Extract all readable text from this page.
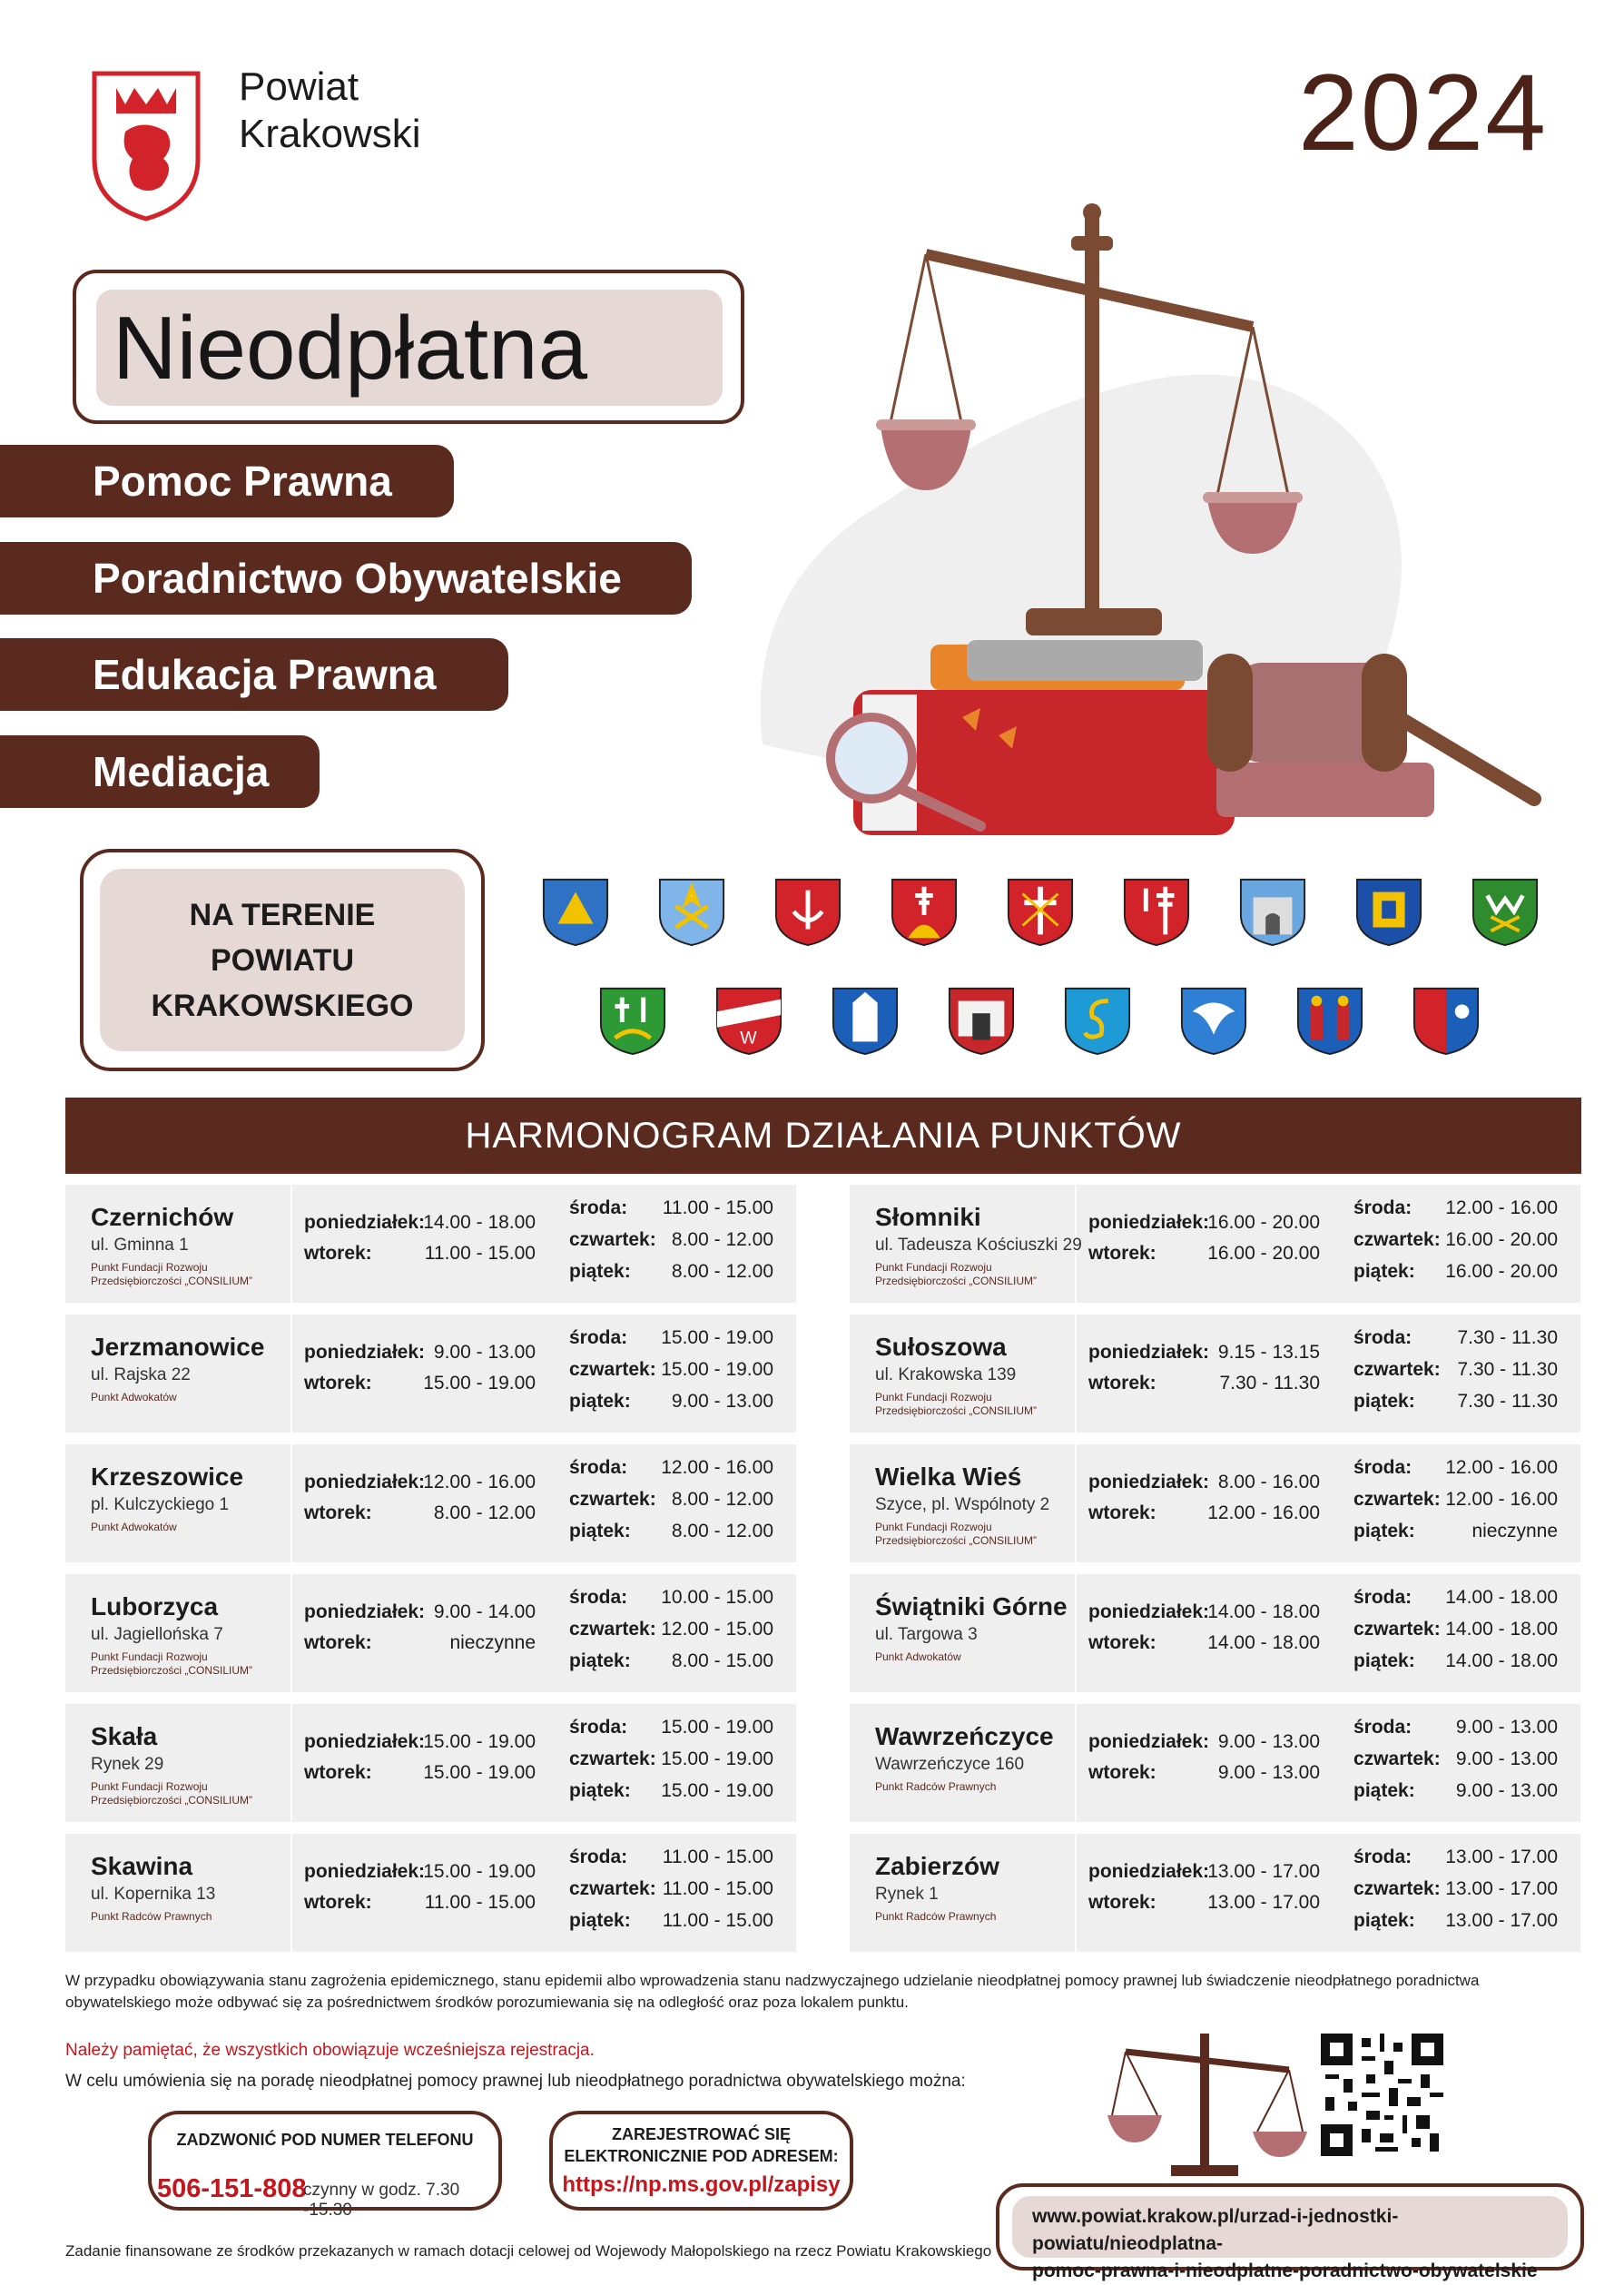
Powiat
Krakowski	2024
Nieodpłatna
Pomoc Prawna
Poradnictwo Obywatelskie
Edukacja Prawna
Mediacja
NA TERENIE
POWIATU
KRAKOWSKIEGO
W
HARMONOGRAM DZIAŁANIA PUNKTÓW
Czernichów
ul. Gminna 1
Punkt Fundacji Rozwoju Przedsiębiorczości „CONSILIUM”
poniedziałek:
14.00 - 18.00
wtorek:	11.00 - 15.00
środa:	11.00 - 15.00
czwartek: 8.00 - 12.00
piątek:	8.00 - 12.00
Jerzmanowice
ul. Rajska 22
Punkt Adwokatów
poniedziałek: 9.00 - 13.00
wtorek:	15.00 - 19.00
środa:	15.00 - 19.00
czwartek: 15.00 - 19.00
piątek:	9.00 - 13.00
Krzeszowice
pl. Kulczyckiego 1
Punkt Adwokatów
poniedziałek:
12.00 - 16.00
wtorek:	8.00 - 12.00
środa:	12.00 - 16.00
czwartek: 8.00 - 12.00
piątek:	8.00 - 12.00
Luborzyca
ul. Jagiellońska 7
Punkt Fundacji Rozwoju Przedsiębiorczości „CONSILIUM”
poniedziałek: 9.00 - 14.00
wtorek:	nieczynne
środa:	10.00 - 15.00
czwartek: 12.00 - 15.00
piątek:	8.00 - 15.00
Skała
Rynek 29
Punkt Fundacji Rozwoju Przedsiębiorczości „CONSILIUM”
poniedziałek:
15.00 - 19.00
wtorek:	15.00 - 19.00
środa:	15.00 - 19.00
czwartek: 15.00 - 19.00
piątek:	15.00 - 19.00
Skawina
ul. Kopernika 13
Punkt Radców Prawnych
poniedziałek:
15.00 - 19.00
wtorek:	11.00 - 15.00
środa:	11.00 - 15.00
czwartek: 11.00 - 15.00
piątek:	11.00 - 15.00
Słomniki
ul. Tadeusza Kościuszki 29
Punkt Fundacji Rozwoju Przedsiębiorczości „CONSILIUM”
poniedziałek:
16.00 - 20.00
wtorek:	16.00 - 20.00
środa:	12.00 - 16.00
czwartek: 16.00 - 20.00
piątek:	16.00 - 20.00
Sułoszowa
ul. Krakowska 139
Punkt Fundacji Rozwoju Przedsiębiorczości „CONSILIUM”
poniedziałek: 9.15 - 13.15
wtorek:	7.30 - 11.30
środa:	7.30 - 11.30
czwartek: 7.30 - 11.30
piątek:	7.30 - 11.30
Wielka Wieś
Szyce, pl. Wspólnoty 2
Punkt Fundacji Rozwoju Przedsiębiorczości „CONSILIUM”
poniedziałek: 8.00 - 16.00
wtorek:	12.00 - 16.00
środa:	12.00 - 16.00
czwartek: 12.00 - 16.00
piątek:	nieczynne
Świątniki Górne
ul. Targowa 3
Punkt Adwokatów
poniedziałek:
14.00 - 18.00
wtorek:	14.00 - 18.00
środa:	14.00 - 18.00
czwartek: 14.00 - 18.00
piątek:	14.00 - 18.00
Wawrzeńczyce
Wawrzeńczyce 160
Punkt Radców Prawnych
poniedziałek: 9.00 - 13.00
wtorek:	9.00 - 13.00
środa:	9.00 - 13.00
czwartek: 9.00 - 13.00
piątek:	9.00 - 13.00
Zabierzów
Rynek 1
Punkt Radców Prawnych
poniedziałek:
13.00 - 17.00
wtorek:	13.00 - 17.00
środa:	13.00 - 17.00
czwartek: 13.00 - 17.00
piątek:	13.00 - 17.00
W przypadku obowiązywania stanu zagrożenia epidemicznego, stanu epidemii albo wprowadzenia stanu nadzwyczajnego udzielanie nieodpłatnej pomocy prawnej lub świadczenie nieodpłatnego poradnictwa obywatelskiego może odbywać się za pośrednictwem środków porozumiewania się na odległość oraz poza lokalem punktu.
Należy pamiętać, że wszystkich obowiązuje wcześniejsza rejestracja.
W celu umówienia się na poradę nieodpłatnej pomocy prawnej lub nieodpłatnego poradnictwa obywatelskiego można:
ZADZWONIĆ POD NUMER TELEFONU
506-151-808
czynny w godz. 7.30 -15.30
ZAREJESTROWAĆ SIĘ
ELEKTRONICZNIE POD ADRESEM:
https://np.ms.gov.pl/zapisy
www.powiat.krakow.pl/urzad-i-jednostki-powiatu/nieodplatna-
pomoc-prawna-i-nieodplatne-poradnictwo-obywatelskie
Zadanie finansowane ze środków przekazanych w ramach dotacji celowej od Wojewody Małopolskiego na rzecz Powiatu Krakowskiego
